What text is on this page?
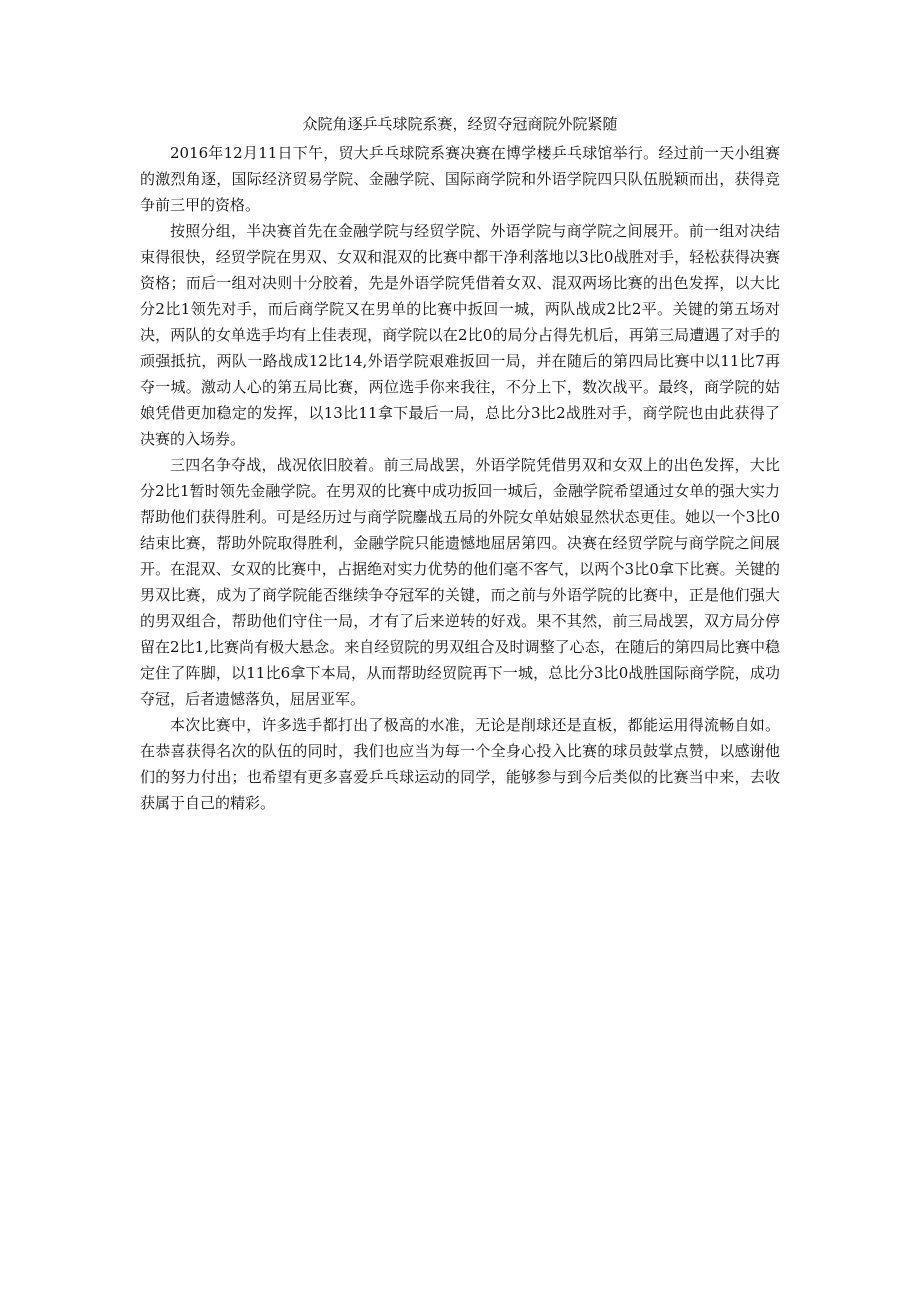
众院角逐乒乓球院系赛，经贸夺冠商院外院紧随

2016年12月11日下午，贸大乒乓球院系赛决赛在博学楼乒乓球馆举行。经过前一天小组赛的激烈角逐，国际经济贸易学院、金融学院、国际商学院和外语学院四只队伍脱颖而出，获得竞争前三甲的资格。

按照分组，半决赛首先在金融学院与经贸学院、外语学院与商学院之间展开。前一组对决结束得很快，经贸学院在男双、女双和混双的比赛中都干净利落地以3比0战胜对手，轻松获得决赛资格；而后一组对决则十分胶着，先是外语学院凭借着女双、混双两场比赛的出色发挥，以大比分2比1领先对手，而后商学院又在男单的比赛中扳回一城，两队战成2比2平。关键的第五场对决，两队的女单选手均有上佳表现，商学院以在2比0的局分占得先机后，再第三局遭遇了对手的顽强抵抗，两队一路战成12比14,外语学院艰难扳回一局，并在随后的第四局比赛中以11比7再夺一城。激动人心的第五局比赛，两位选手你来我往，不分上下，数次战平。最终，商学院的姑娘凭借更加稳定的发挥，以13比11拿下最后一局，总比分3比2战胜对手，商学院也由此获得了决赛的入场券。

三四名争夺战，战况依旧胶着。前三局战罢，外语学院凭借男双和女双上的出色发挥，大比分2比1暂时领先金融学院。在男双的比赛中成功扳回一城后，金融学院希望通过女单的强大实力帮助他们获得胜利。可是经历过与商学院鏖战五局的外院女单姑娘显然状态更佳。她以一个3比0结束比赛，帮助外院取得胜利，金融学院只能遗憾地屈居第四。决赛在经贸学院与商学院之间展开。在混双、女双的比赛中，占据绝对实力优势的他们毫不客气，以两个3比0拿下比赛。关键的男双比赛，成为了商学院能否继续争夺冠军的关键，而之前与外语学院的比赛中，正是他们强大的男双组合，帮助他们守住一局，才有了后来逆转的好戏。果不其然，前三局战罢，双方局分停留在2比1,比赛尚有极大悬念。来自经贸院的男双组合及时调整了心态，在随后的第四局比赛中稳定住了阵脚，以11比6拿下本局，从而帮助经贸院再下一城，总比分3比0战胜国际商学院，成功夺冠，后者遗憾落负，屈居亚军。

本次比赛中，许多选手都打出了极高的水准，无论是削球还是直板，都能运用得流畅自如。在恭喜获得名次的队伍的同时，我们也应当为每一个全身心投入比赛的球员鼓掌点赞，以感谢他们的努力付出；也希望有更多喜爱乒乓球运动的同学，能够参与到今后类似的比赛当中来，去收获属于自己的精彩。
